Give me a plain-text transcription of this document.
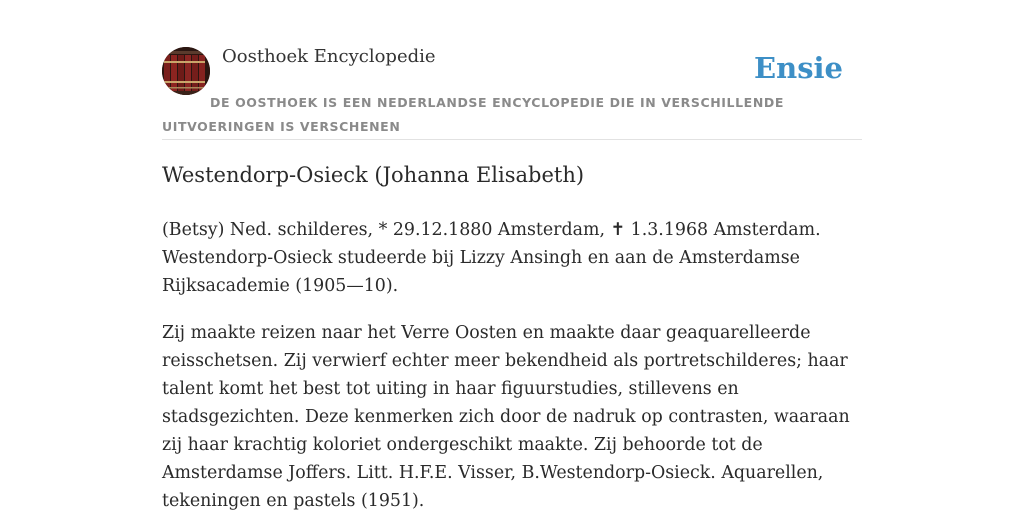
Oosthoek Encyclopedie	Ensie

DE OOSTHOEK IS EEN NEDERLANDSE ENCYCLOPEDIE DIE IN VERSCHILLENDE UITVOERINGEN IS VERSCHENEN

Westendorp-Osieck (Johanna Elisabeth)

(Betsy) Ned. schilderes, * 29.12.1880 Amsterdam, ✝ 1.3.1968 Amsterdam. Westendorp-Osieck studeerde bij Lizzy Ansingh en aan de Amsterdamse Rijksacademie (1905—10).

Zij maakte reizen naar het Verre Oosten en maakte daar geaquarelleerde reisschetsen. Zij verwierf echter meer bekendheid als portretschilderes; haar talent komt het best tot uiting in haar figuurstudies, stillevens en stadsgezichten. Deze kenmerken zich door de nadruk op contrasten, waaraan zij haar krachtig koloriet ondergeschikt maakte. Zij behoorde tot de Amsterdamse Joffers. Litt. H.F.E. Visser, B.Westendorp-Osieck. Aquarellen, tekeningen en pastels (1951).
